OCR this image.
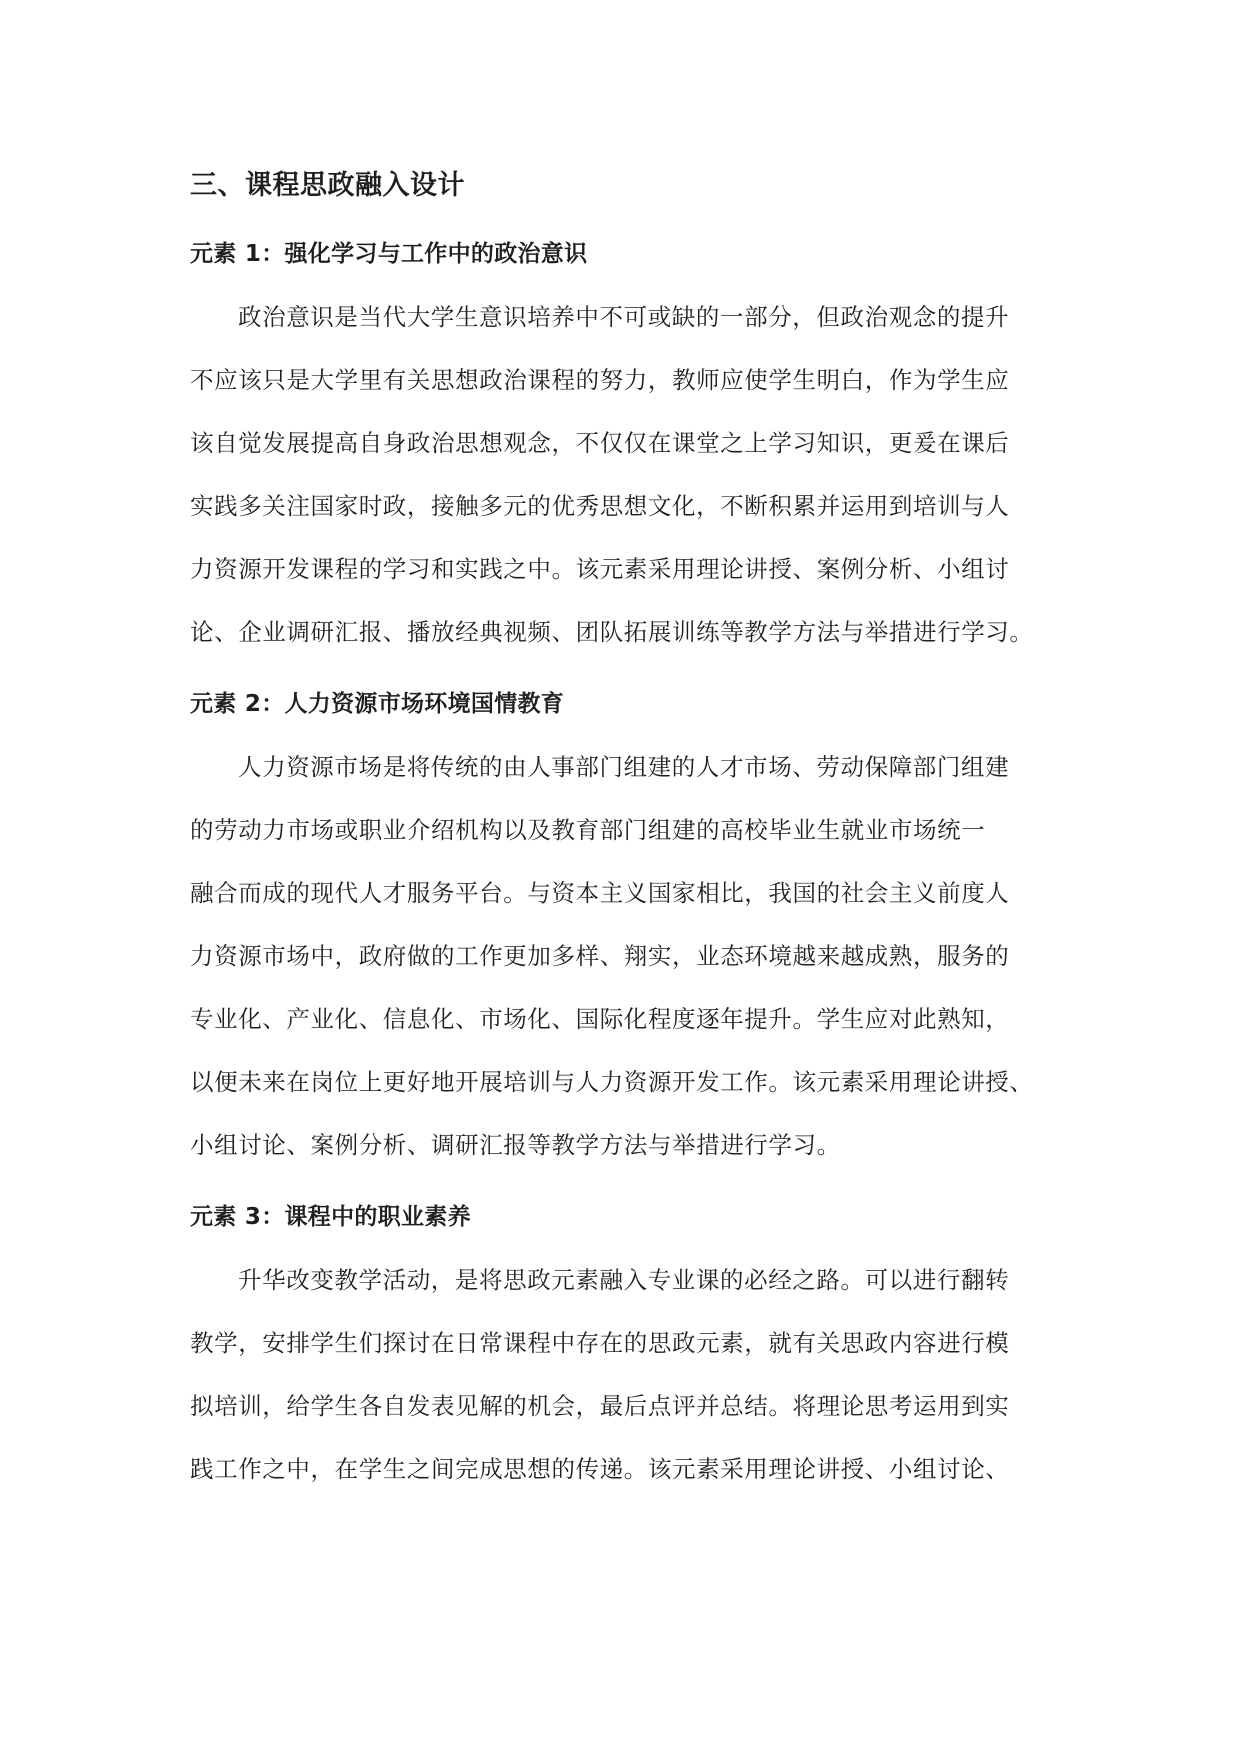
三、课程思政融入设计
元素 1：强化学习与工作中的政治意识
政治意识是当代大学生意识培养中不可或缺的一部分，但政治观念的提升
不应该只是大学里有关思想政治课程的努力，教师应使学生明白，作为学生应
该自觉发展提高自身政治思想观念，不仅仅在课堂之上学习知识，更爰在课后
实践多关注国家时政，接触多元的优秀思想文化，不断积累并运用到培训与人
力资源开发课程的学习和实践之中。该元素采用理论讲授、案例分析、小组讨
论、企业调研汇报、播放经典视频、团队拓展训练等教学方法与举措进行学习。
元素 2：人力资源市场环境国情教育
人力资源市场是将传统的由人事部门组建的人才市场、劳动保障部门组建
的劳动力市场或职业介绍机构以及教育部门组建的高校毕业生就业市场统一
融合而成的现代人才服务平台。与资本主义国家相比，我国的社会主义前度人
力资源市场中，政府做的工作更加多样、翔实，业态环境越来越成熟，服务的
专业化、产业化、信息化、市场化、国际化程度逐年提升。学生应对此熟知，
以便未来在岗位上更好地开展培训与人力资源开发工作。该元素采用理论讲授、
小组讨论、案例分析、调研汇报等教学方法与举措进行学习。
元素 3：课程中的职业素养
升华改变教学活动，是将思政元素融入专业课的必经之路。可以进行翻转
教学，安排学生们探讨在日常课程中存在的思政元素，就有关思政内容进行模
拟培训，给学生各自发表见解的机会，最后点评并总结。将理论思考运用到实
践工作之中，在学生之间完成思想的传递。该元素采用理论讲授、小组讨论、
